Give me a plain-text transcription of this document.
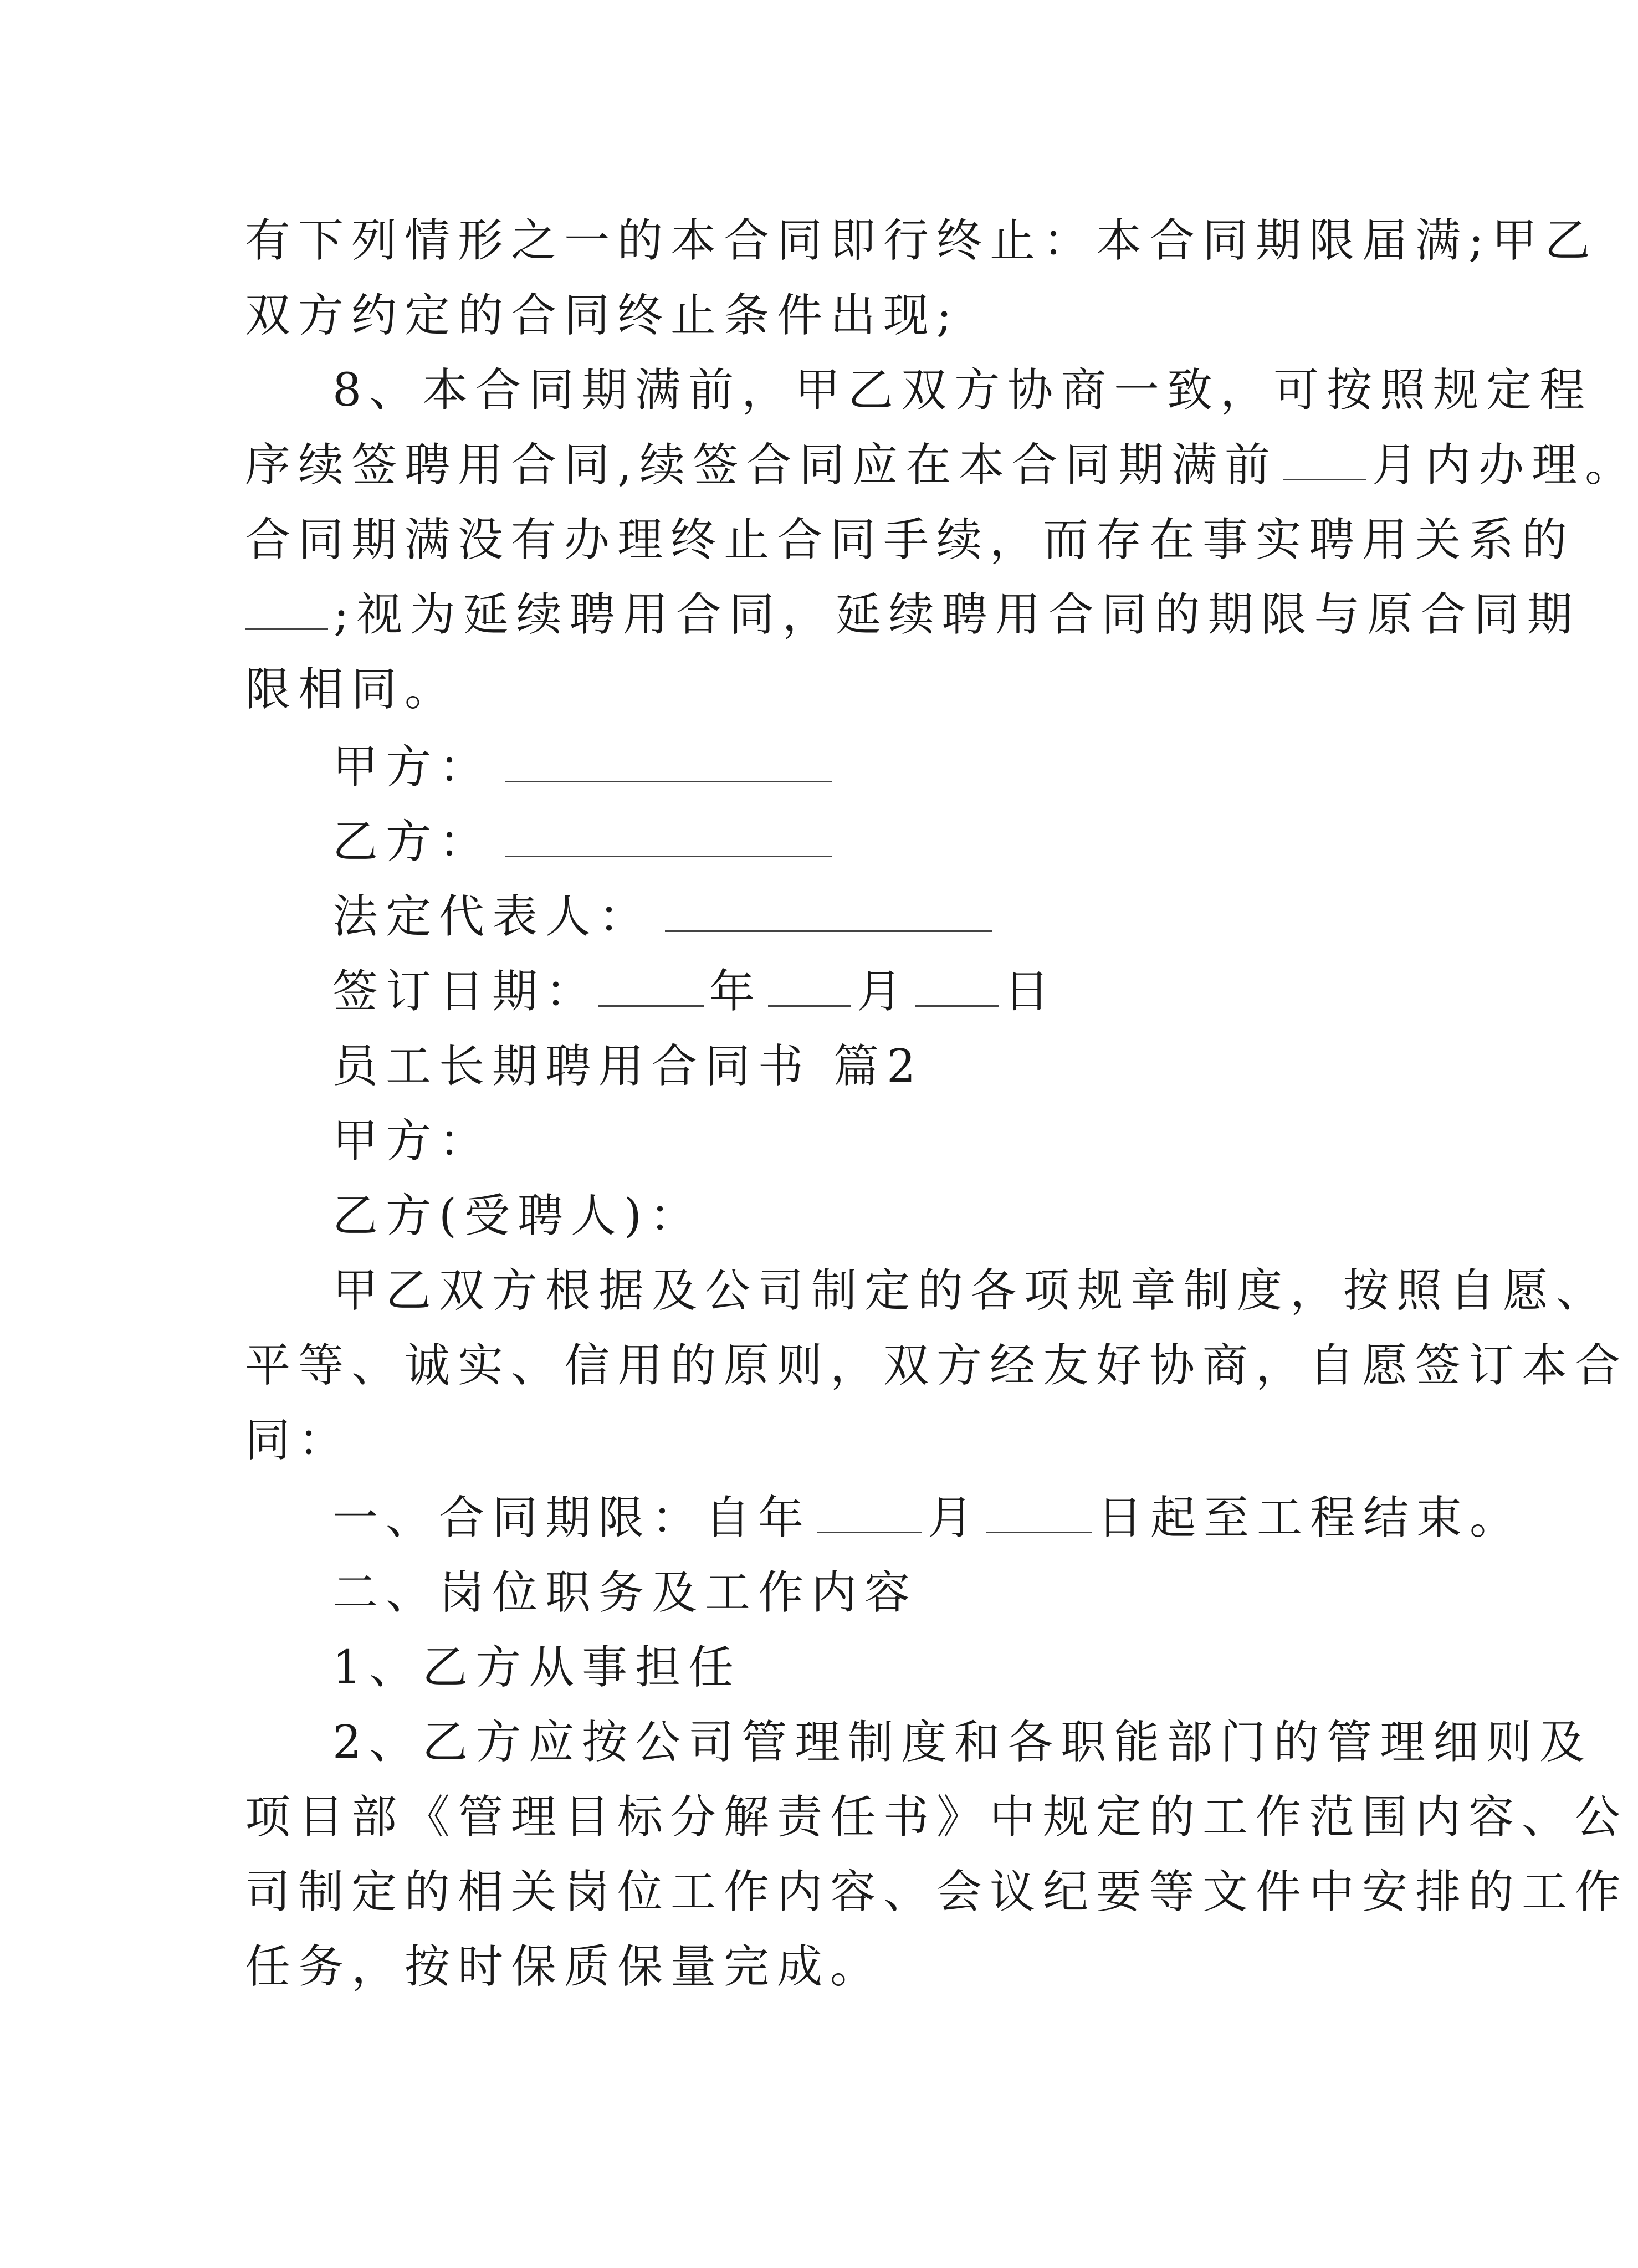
有下列情形之一的本合同即行终止：本合同期限届满;甲乙
双方约定的合同终止条件出现;
8、本合同期满前，甲乙双方协商一致，可按照规定程
序续签聘用合同,续签合同应在本合同期满前 月内办理。
合同期满没有办理终止合同手续，而存在事实聘用关系的
;视为延续聘用合同，延续聘用合同的期限与原合同期
限相同。
甲方：
乙方：
法定代表人：
签订日期： 年 月 日
员工长期聘用合同书 篇2
甲方：
乙方(受聘人)：
甲乙双方根据及公司制定的各项规章制度，按照自愿、
平等、诚实、信用的原则，双方经友好协商，自愿签订本合
同：
一、合同期限：自年	月	日起至工程结束。
二、岗位职务及工作内容
1、乙方从事担任
2、乙方应按公司管理制度和各职能部门的管理细则及
项目部《管理目标分解责任书》中规定的工作范围内容、公
司制定的相关岗位工作内容、会议纪要等文件中安排的工作
任务，按时保质保量完成。
